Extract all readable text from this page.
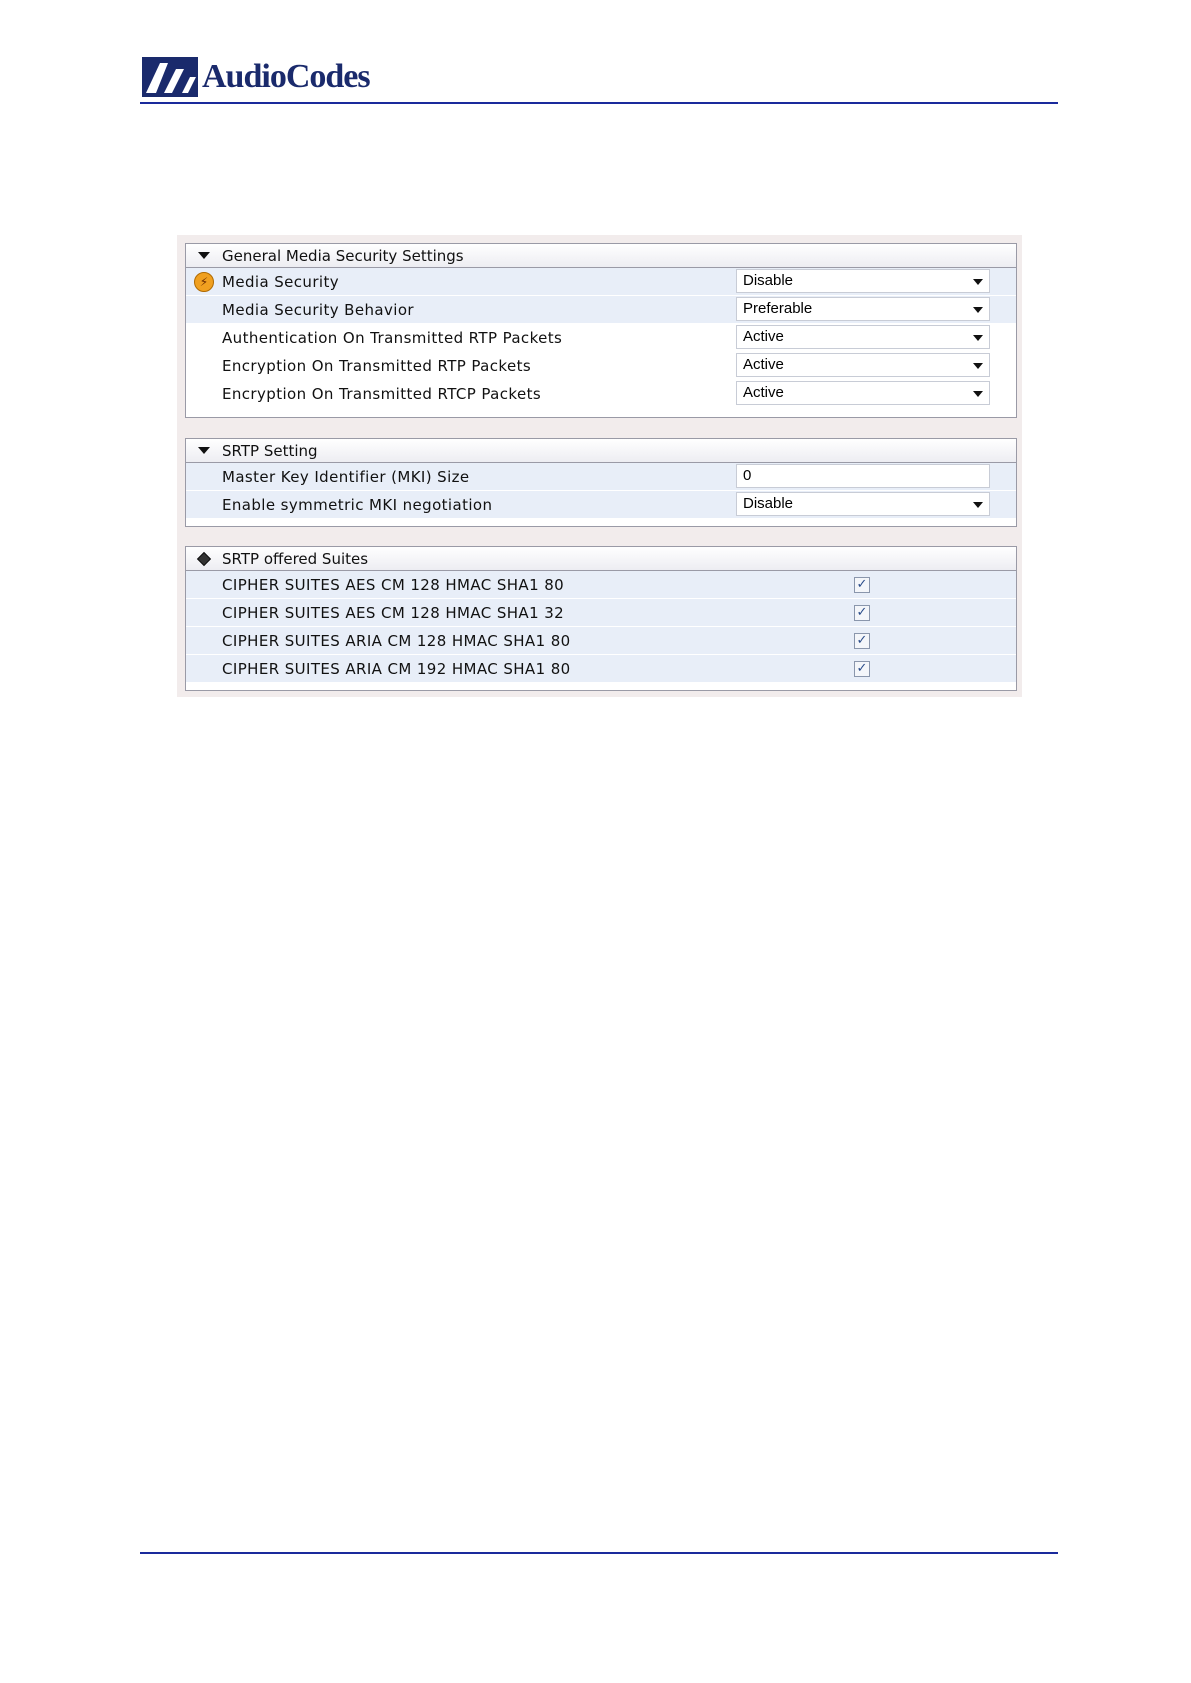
AudioCodes
General Media Security Settings
⚡ Media Security	Disable
Media Security Behavior	Preferable
Authentication On Transmitted RTP Packets	Active
Encryption On Transmitted RTP Packets	Active
Encryption On Transmitted RTCP Packets	Active
SRTP Setting
Master Key Identifier (MKI) Size	0
Enable symmetric MKI negotiation	Disable
SRTP offered Suites
CIPHER SUITES AES CM 128 HMAC SHA1 80	✓
CIPHER SUITES AES CM 128 HMAC SHA1 32	✓
CIPHER SUITES ARIA CM 128 HMAC SHA1 80	✓
CIPHER SUITES ARIA CM 192 HMAC SHA1 80	✓
